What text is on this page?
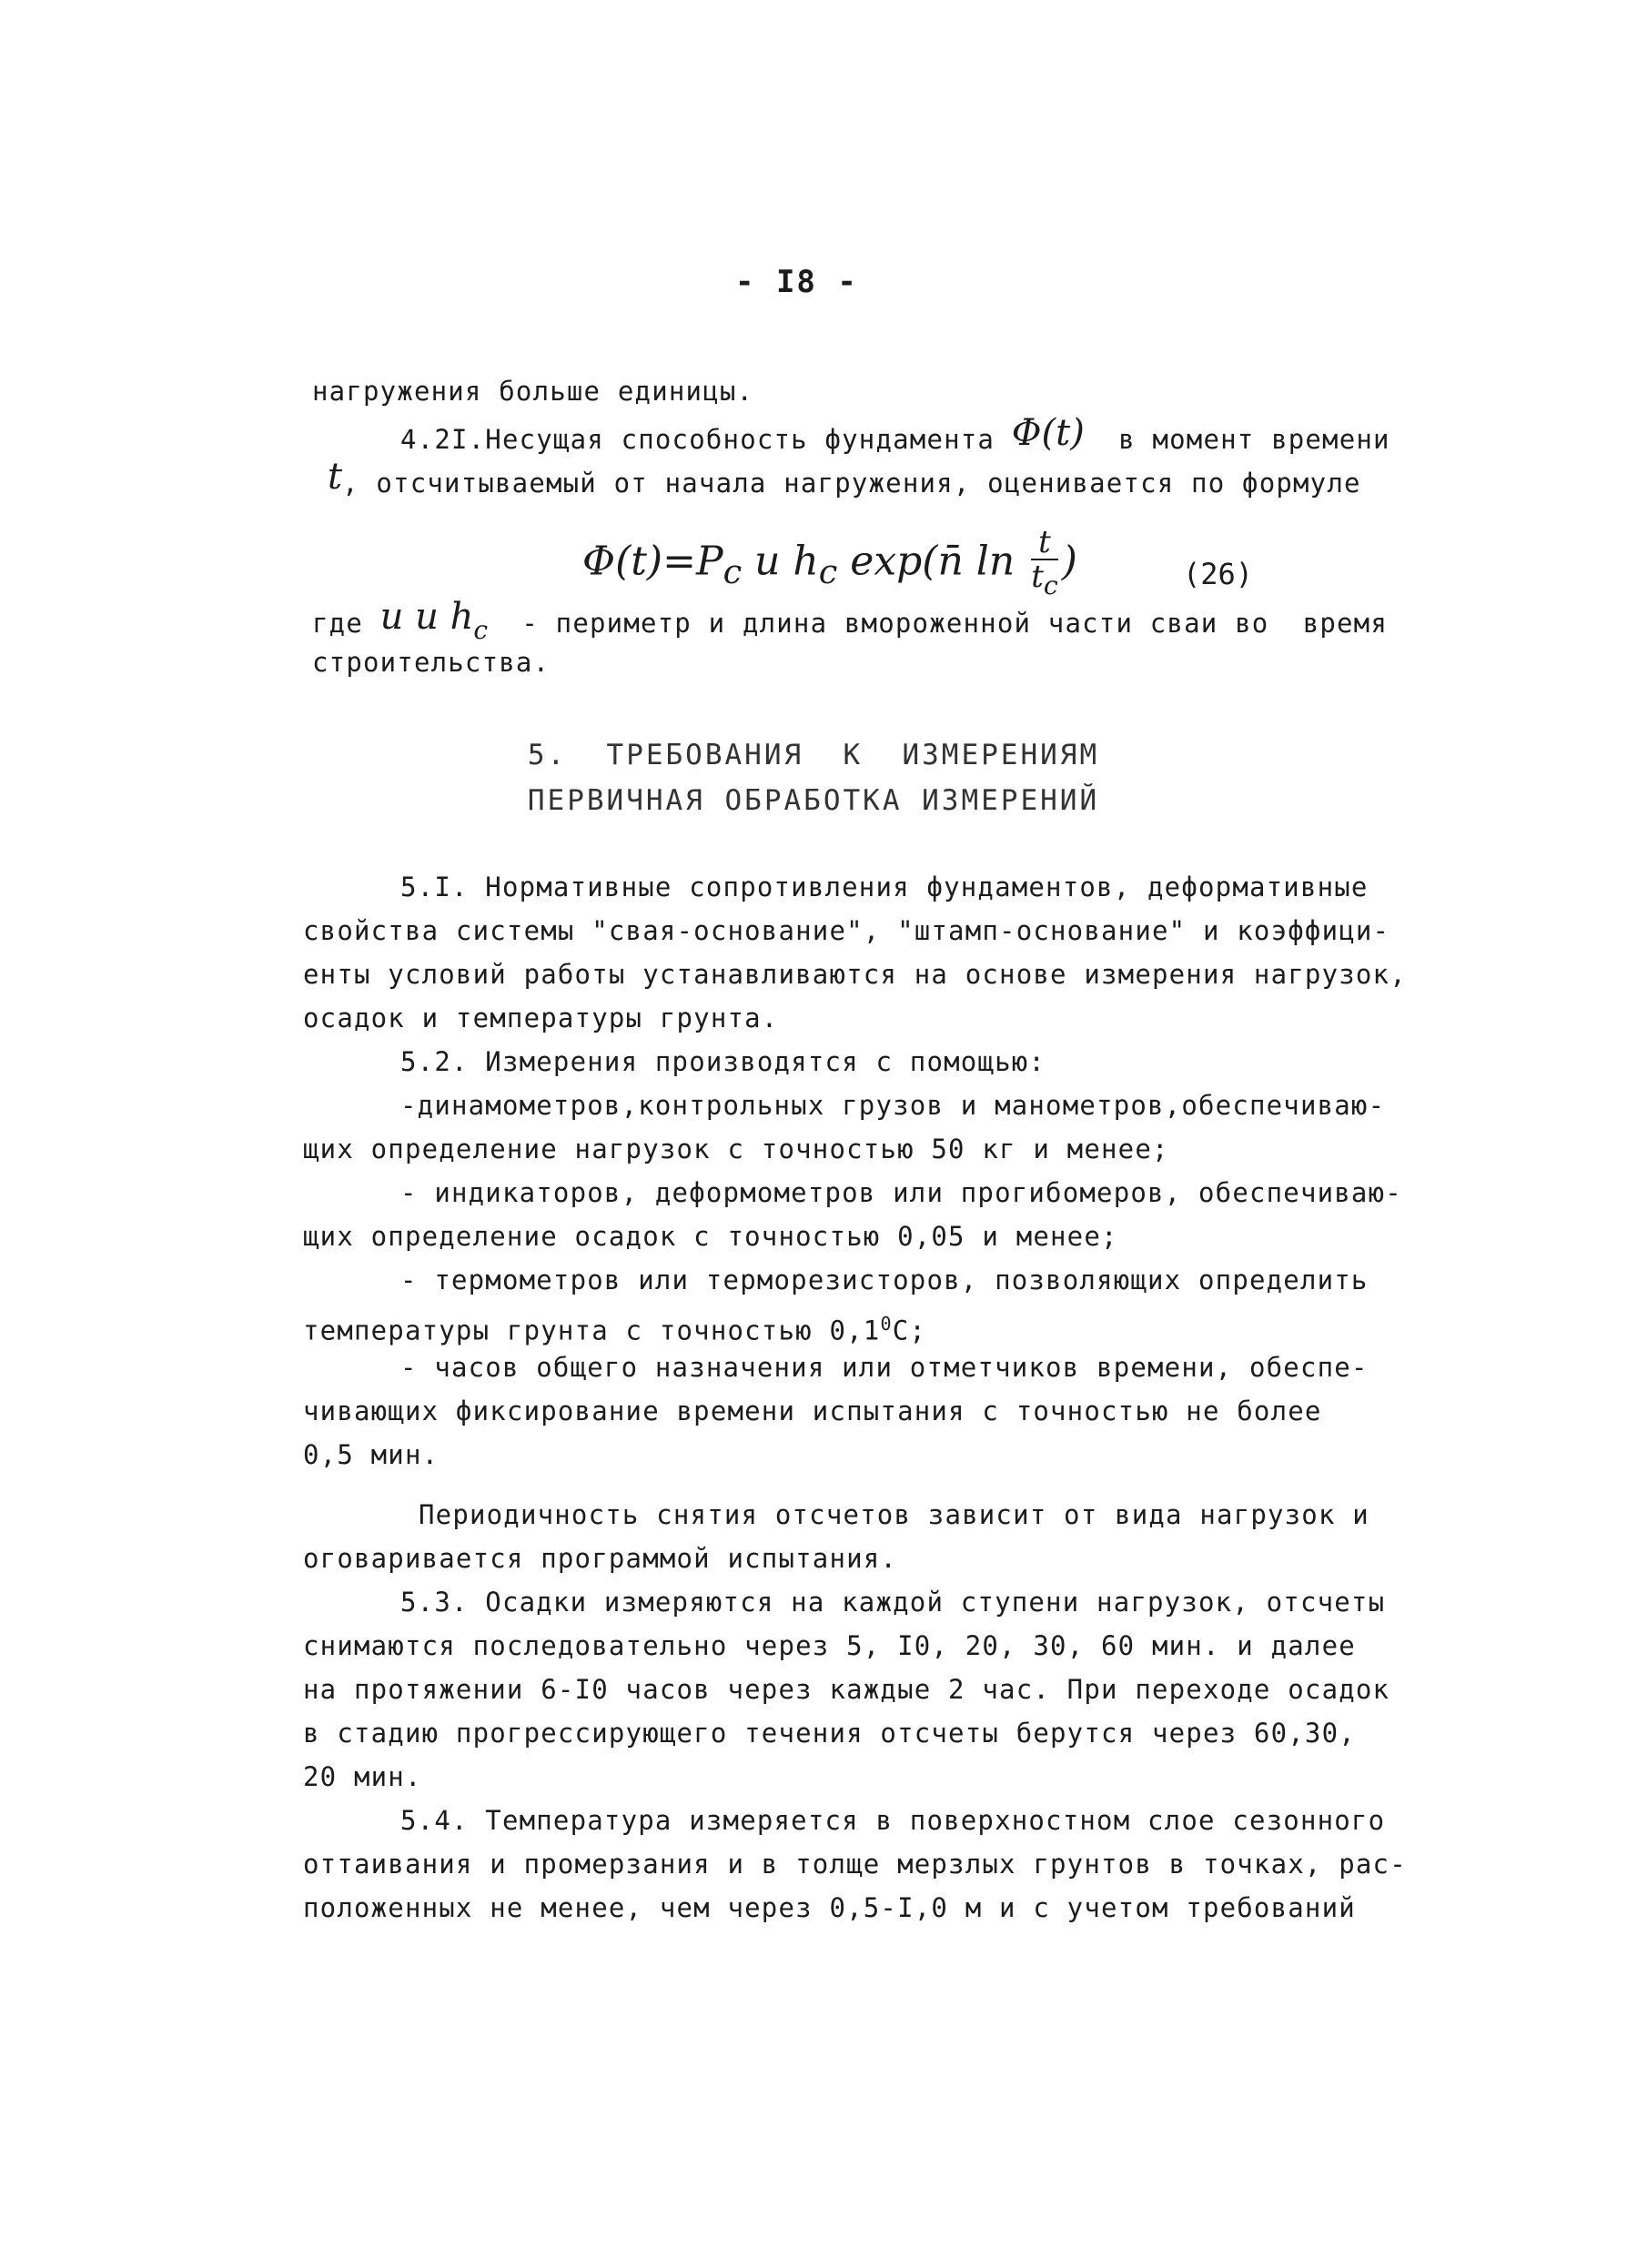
- I8 -
нагружения больше единицы.
4.2I.Несущая способность фундамента Φ(t)  в момент времени
t, отсчитываемый от начала нагружения, оценивается по формуле
$\Phi(t)=P_c$ u $h_c$ exp(n̄ $\ln \frac{t}{t_c}$ )	(26)
где u и $h_c$  - периметр и длина вмороженной части сваи во  время
строительства.
5.  ТРЕБОВАНИЯ  К  ИЗМЕРЕНИЯМ
ПЕРВИЧНАЯ ОБРАБОТКА ИЗМЕРЕНИЙ
5.I. Нормативные сопротивления фундаментов, деформативные
свойства системы "свая-основание", "штамп-основание" и коэффици-
енты условий работы устанавливаются на основе измерения нагрузок,
осадок и температуры грунта.
5.2. Измерения производятся с помощью:
-динамометров,контрольных грузов и манометров,обеспечиваю-
щих определение нагрузок с точностью 50 кг и менее;
- индикаторов, деформометров или прогибомеров, обеспечиваю-
щих определение осадок с точностью 0,05 и менее;
- термометров или терморезисторов, позволяющих определить
температуры грунта с точностью $0,1^0С$;
- часов общего назначения или отметчиков времени, обеспе-
чивающих фиксирование времени испытания с точностью не более
0,5 мин.
Периодичность снятия отсчетов зависит от вида нагрузок и
оговаривается программой испытания.
5.3. Осадки измеряются на каждой ступени нагрузок, отсчеты
снимаются последовательно через 5, I0, 20, 30, 60 мин. и далее
на протяжении 6-I0 часов через каждые 2 час. При переходе осадок
в стадию прогрессирующего течения отсчеты берутся через 60,30,
20 мин.
5.4. Температура измеряется в поверхностном слое сезонного
оттаивания и промерзания и в толще мерзлых грунтов в точках, рас-
положенных не менее, чем через 0,5-I,0 м и с учетом требований
